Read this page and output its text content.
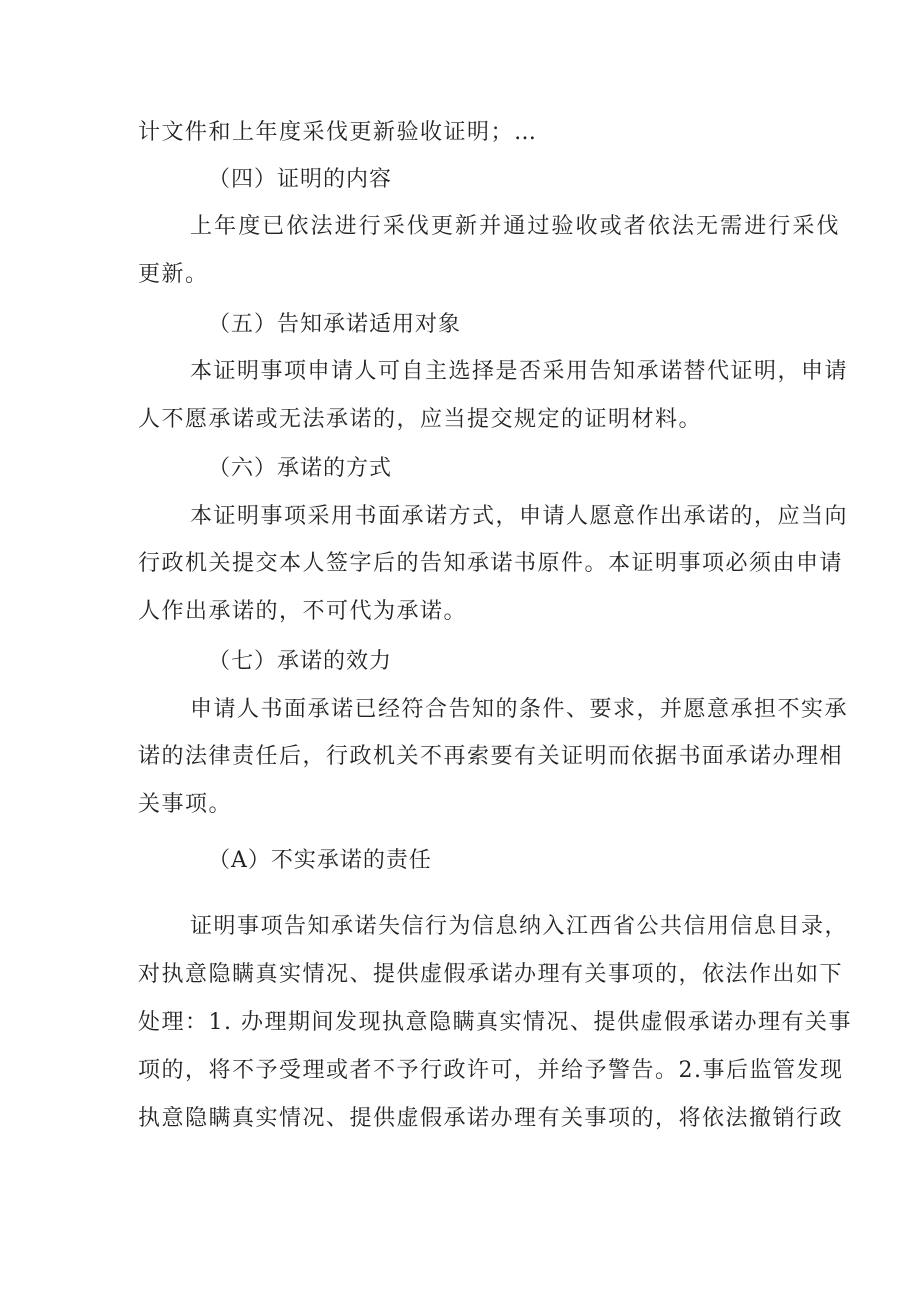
计文件和上年度采伐更新验收证明；…
（四）证明的内容
上年度已依法进行采伐更新并通过验收或者依法无需进行采伐
更新。
（五）告知承诺适用对象
本证明事项申请人可自主选择是否采用告知承诺替代证明，申请
人不愿承诺或无法承诺的，应当提交规定的证明材料。
（六）承诺的方式
本证明事项采用书面承诺方式，申请人愿意作出承诺的，应当向
行政机关提交本人签字后的告知承诺书原件。本证明事项必须由申请
人作出承诺的，不可代为承诺。
（七）承诺的效力
申请人书面承诺已经符合告知的条件、要求，并愿意承担不实承
诺的法律责任后，行政机关不再索要有关证明而依据书面承诺办理相
关事项。
（A）不实承诺的责任
证明事项告知承诺失信行为信息纳入江西省公共信用信息目录，
对执意隐瞒真实情况、提供虚假承诺办理有关事项的，依法作出如下
处理：1. 办理期间发现执意隐瞒真实情况、提供虚假承诺办理有关事
项的，将不予受理或者不予行政许可，并给予警告。2.事后监管发现
执意隐瞒真实情况、提供虚假承诺办理有关事项的，将依法撤销行政
